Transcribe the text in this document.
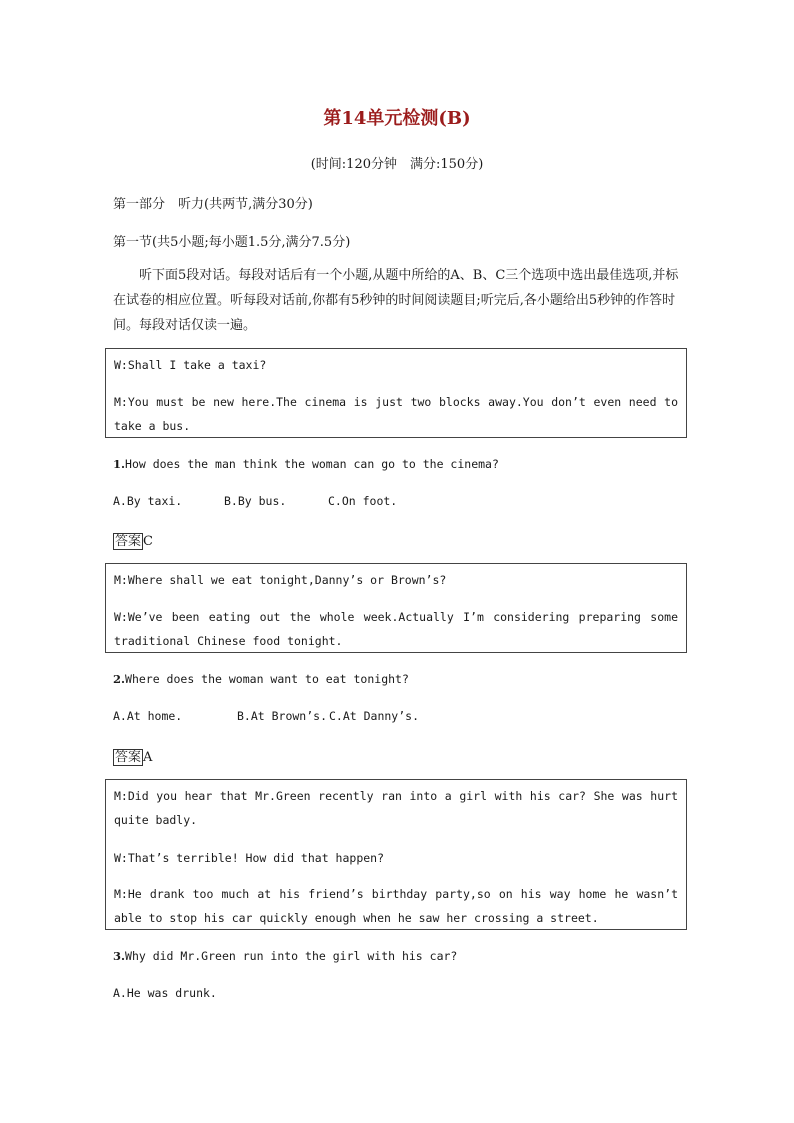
第14单元检测(B)
(时间:120分钟　满分:150分)
第一部分　听力(共两节,满分30分)
第一节(共5小题;每小题1.5分,满分7.5分)
听下面5段对话。每段对话后有一个小题,从题中所给的A、B、C三个选项中选出最佳选项,并标在试卷的相应位置。听每段对话前,你都有5秒钟的时间阅读题目;听完后,各小题给出5秒钟的作答时间。每段对话仅读一遍。

W:Shall I take a taxi?

M:You must be new here.The cinema is just two blocks away.You don’t even need to take a bus.

1.How does the man think the woman can go to the cinema?
A.By taxi.	B.By bus.	C.On foot.
答案 C

M:Where shall we eat tonight,Danny’s or Brown’s?

W:We’ve been eating out the whole week.Actually I’m considering preparing some traditional Chinese food tonight.

2.Where does the woman want to eat tonight?
A.At home.	B.At Brown’s. C.At Danny’s.
答案 A

M:Did you hear that Mr.Green recently ran into a girl with his car? She was hurt quite badly.

W:That’s terrible! How did that happen?

M:He drank too much at his friend’s birthday party,so on his way home he wasn’t able to stop his car quickly enough when he saw her crossing a street.

3.Why did Mr.Green run into the girl with his car?
A.He was drunk.
